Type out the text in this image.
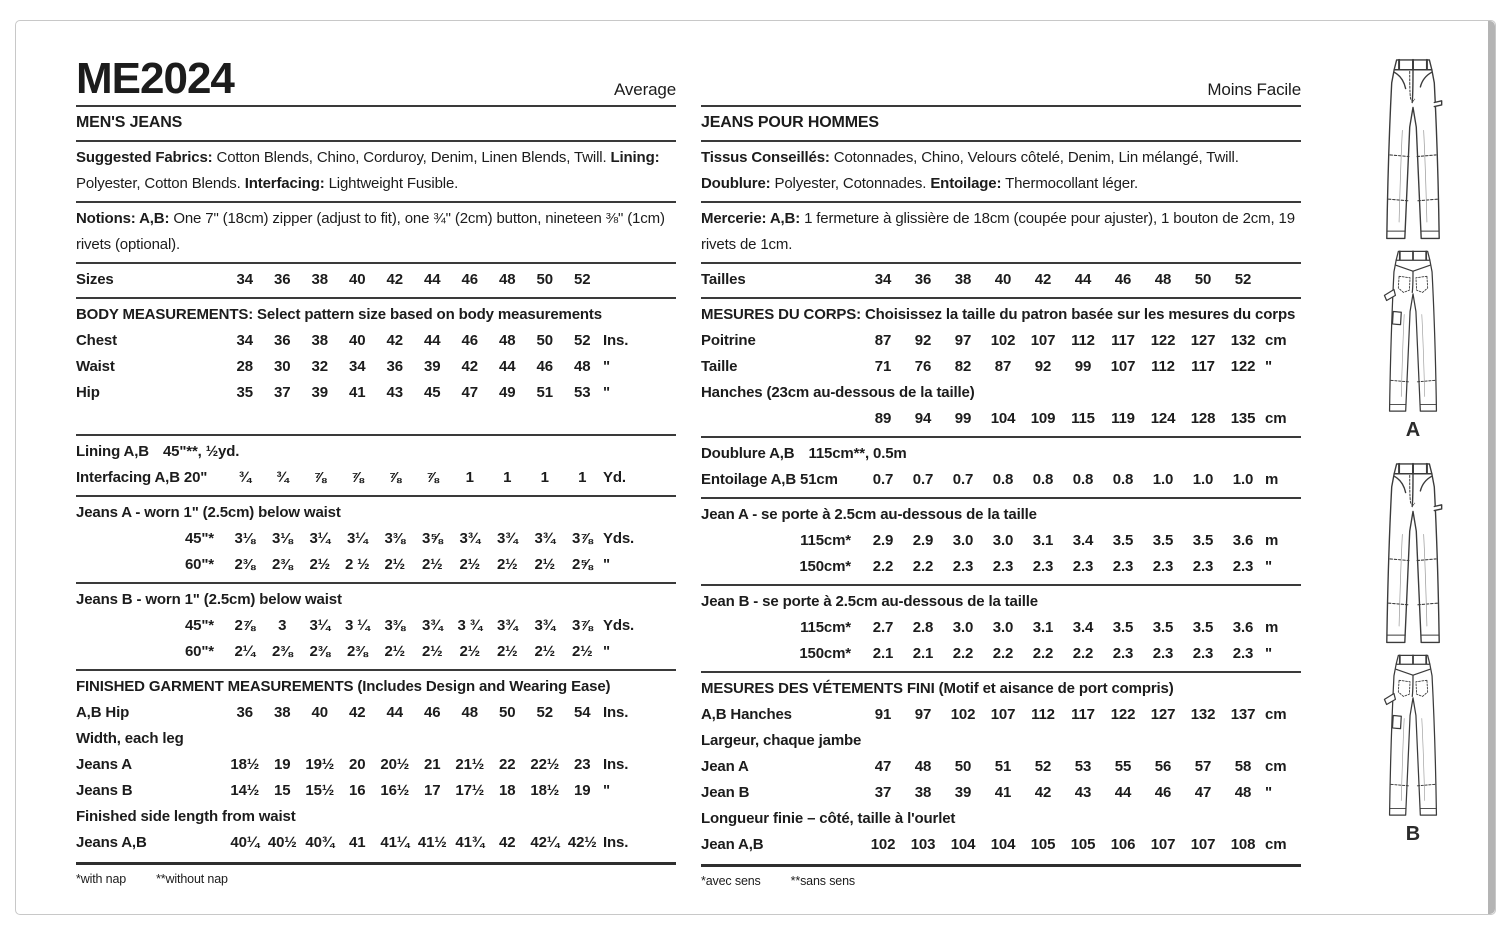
ME2024	Average
MEN'S JEANS

Suggested Fabrics: Cotton Blends, Chino, Corduroy, Denim, Linen Blends, Twill. Lining: Polyester, Cotton Blends. Interfacing: Lightweight Fusible.

Notions: A,B: One 7" (18cm) zipper (adjust to fit), one ¾" (2cm) button, nineteen ⅜" (1cm) rivets (optional).

Sizes	34	36	38	40	42	44	46	48	50	52
BODY MEASUREMENTS: Select pattern size based on body measurements
Chest	34	36	38	40	42	44	46	48	50	52 Ins.
Waist	28	30	32	34	36	39	42	44	46	48 "
Hip	35	37	39	41	43	45	47	49	51	53 "
Lining A,B 45"**, ½yd.
Interfacing A,B 20"	¾	¾	⅞	⅞	⅞	⅞	1	1	1	1	Yd.
Jeans A - worn 1" (2.5cm) below waist
45"*	3⅛	3⅛	3¼	3¼	3⅜	3⅝	3¾	3¾	3¾	3⅞ Yds.
60"*	2⅜	2⅜	2½ 2 ½ 2½	2½	2½	2½	2½	2⅝ "
Jeans B - worn 1" (2.5cm) below waist
45"*	2⅞	3	3¼ 3 ¼ 3⅜	3¾ 3 ¾ 3¾	3¾	3⅞ Yds.
60"*	2¼	2⅜	2⅜	2⅜	2½	2½	2½	2½	2½	2½ "
FINISHED GARMENT MEASUREMENTS (Includes Design and Wearing Ease)
A,B Hip	36	38	40	42	44	46	48	50	52	54 Ins.
Width, each leg
Jeans A	18½ 19 19½ 20 20½ 21 21½ 22 22½ 23 Ins.
Jeans B	14½ 15 15½ 16 16½ 17 17½ 18 18½ 19 "
Finished side length from waist
Jeans A,B	40¼ 40½ 40¾ 41 41¼ 41½ 41¾ 42 42¼ 42½ Ins.
*with nap **without nap
Moins Facile
JEANS POUR HOMMES

Tissus Conseillés: Cotonnades, Chino, Velours côtelé, Denim, Lin mélangé, Twill. Doublure: Polyester, Cotonnades. Entoilage: Thermocollant léger.

Mercerie: A,B: 1 fermeture à glissière de 18cm (coupée pour ajuster), 1 bouton de 2cm, 19 rivets de 1cm.

Tailles	34	36	38	40	42	44	46	48	50	52
MESURES DU CORPS: Choisissez la taille du patron basée sur les mesures du corps
Poitrine	87	92	97	102	107	112	117	122	127	132 cm
Taille	71	76	82	87	92	99	107	112	117	122 "
Hanches (23cm au-dessous de la taille)
89	94	99	104	109	115	119	124	128	135 cm
Doublure A,B 115cm**, 0.5m
Entoilage A,B 51cm	0.7	0.7	0.7	0.8	0.8	0.8	0.8	1.0	1.0	1.0 m
Jean A - se porte à 2.5cm au-dessous de la taille
115cm*	2.9	2.9	3.0	3.0	3.1	3.4	3.5	3.5	3.5	3.6 m
150cm*	2.2	2.2	2.3	2.3	2.3	2.3	2.3	2.3	2.3	2.3 "
Jean B - se porte à 2.5cm au-dessous de la taille
115cm*	2.7	2.8	3.0	3.0	3.1	3.4	3.5	3.5	3.5	3.6 m
150cm*	2.1	2.1	2.2	2.2	2.2	2.2	2.3	2.3	2.3	2.3 "
MESURES DES VÉTEMENTS FINI (Motif et aisance de port compris)
A,B Hanches	91	97	102	107	112	117	122	127	132	137 cm
Largeur, chaque jambe
Jean A	47	48	50	51	52	53	55	56	57	58 cm
Jean B	37	38	39	41	42	43	44	46	47	48 "
Longueur finie – côté, taille à l'ourlet
Jean A,B	102	103	104	104	105	105	106	107	107	108 cm
*avec sens **sans sens
A
B
